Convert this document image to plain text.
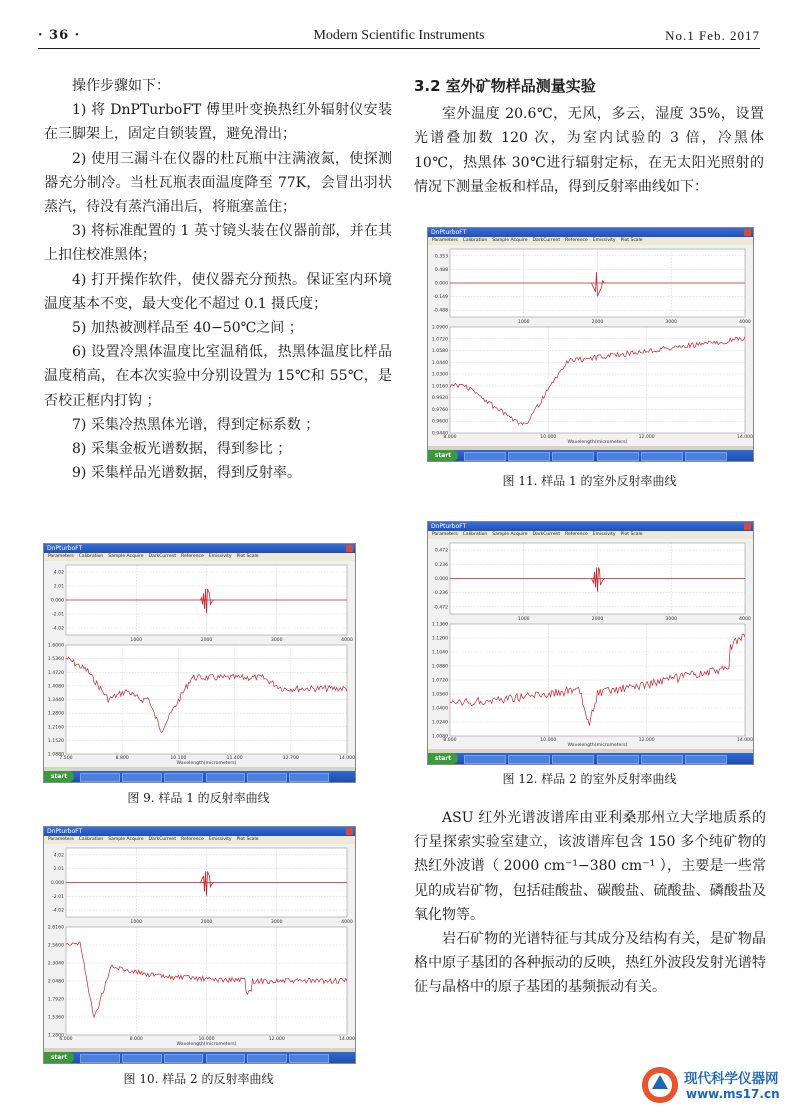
· 36 ·	Modern Scientific Instruments	No.1 Feb. 2017

操作步骤如下：

1) 将 DnPTurboFT 傅里叶变换热红外辐射仪安装在三脚架上，固定自锁装置，避免滑出；

2) 使用三漏斗在仪器的杜瓦瓶中注满液氮，使探测器充分制冷。当杜瓦瓶表面温度降至 77K，会冒出羽状蒸汽，待没有蒸汽涌出后，将瓶塞盖住；

3) 将标准配置的 1 英寸镜头装在仪器前部，并在其上扣住校准黑体；

4) 打开操作软件，使仪器充分预热。保证室内环境温度基本不变，最大变化不超过 0.1 摄氏度；

5) 加热被测样品至 40−50℃之间 ；

6) 设置冷黑体温度比室温稍低，热黑体温度比样品温度稍高，在本次实验中分别设置为 15℃和 55℃，是否校正框内打钩 ；

7) 采集冷热黑体光谱，得到定标系数 ；

8) 采集金板光谱数据，得到参比 ；

9) 采集样品光谱数据，得到反射率。

3.2 室外矿物样品测量实验

室外温度 20.6℃，无风，多云，湿度 35%，设置光谱叠加数 120 次，为室内试验的 3 倍，冷黑体 10℃，热黑体 30℃进行辐射定标，在无太阳光照射的情况下测量金板和样品，得到反射率曲线如下：

DnPturboFT
Parameters Calibration Sample Acquire DarkCurrent Reference Emissivity Plot Scale
0.353
0.488
0.000
-0.149
-0.488
1000	2000	3000	4000
1.0900
1.0720
1.0580
1.0440
1.0300
1.0160
0.9920
0.9760
0.9600
0.9440
8.000	10.000	12.000	14.000
Wavelength(micrometers)
start
图 11. 样品 1 的室外反射率曲线
DnPturboFT
Parameters Calibration Sample Acquire DarkCurrent Reference Emissivity Plot Scale
0.472
0.236
0.000
-0.236
-0.472
1000	2000	3000	4000
1.1360
1.1200
1.1040
1.0880
1.0720
1.0560
1.0400
1.0240
1.0080
8.000	10.000	12.000	14.000
Wavelength(micrometers)
start
图 12. 样品 2 的室外反射率曲线
DnPturboFT
Parameters Calibration Sample Acquire DarkCurrent Reference Emissivity Plot Scale
4.02
2.01
0.000
-2.01
-4.02
1000	2000	3000	4000
1.6000
1.5360
1.4720
1.4080
1.3440
1.2800
1.2160
1.1520
1.0880
7.500	8.800	10.100	11.400	12.700	14.000
Wavelength(micrometers)
start
图 9. 样品 1 的反射率曲线
DnPturboFT
Parameters Calibration Sample Acquire DarkCurrent Reference Emissivity Plot Scale
4.02
2.01
0.000
-2.01
-4.02
1000	2000	3000	4000
2.8160
2.5600
2.3040
2.0480
1.7920
1.5360
1.2800
6.000	8.000	10.000	12.000	14.000
Wavelength(micrometers)
start
图 10. 样品 2 的反射率曲线

ASU 红外光谱波谱库由亚利桑那州立大学地质系的行星探索实验室建立，该波谱库包含 150 多个纯矿物的热红外波谱（ 2000 cm⁻¹−380 cm⁻¹ ），主要是一些常见的成岩矿物，包括硅酸盐、碳酸盐、硫酸盐、磷酸盐及氧化物等。

岩石矿物的光谱特征与其成分及结构有关，是矿物晶格中原子基团的各种振动的反映，热红外波段发射光谱特征与晶格中的原子基团的基频振动有关。

现代科学仪器网
www.ms17.cn
